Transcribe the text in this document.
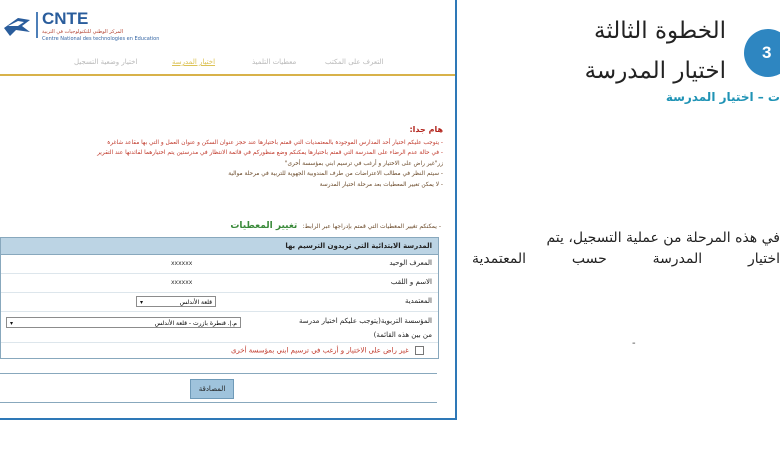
CNTE
المركز الوطني للتكنولوجيات في التربية
Centre National des technologies en Education
التعرف على المكتب
معطيات التلميذ
اختيار المدرسة
اختيار وضعية التسجيل
هام جدا:
- يتوجب عليكم اختيار أحد المدارس الموجودة بالمعتمديات التي قمتم باختيارها عند حجز عنوان السكن و عنوان العمل و التي بها مقاعد شاغرة
- في حالة عدم الرضاء على المدرسة التي قمتم باختيارها يمكنكم وضع منظوركم في قائمة الانتظار في مدرستين يتم اختيارهما لفائدتها عند التقرير
زر"غير راض على الاختيار و أرغب في ترسيم ابني بمؤسسة أخرى"
- سيتم النظر في مطالب الاعتراضات من طرف المندوبية الجهوية للتربية في مرحلة موالية
- لا يمكن تغيير المعطيات بعد مرحلة اختيار المدرسة
- يمكنكم تغيير المعطيات التي قمتم بإدراجها عبر الرابط: تغيير المعطيات
المدرسة الابتدائية التي تريدون الترسيم بها
المعرف الوحيد
xxxxxx
الاسم و اللقب
xxxxxx
المعتمدية
قلعة الأندلس
▾
المؤسسة التربوية(يتوجب عليكم اختيار مدرسة من بين هذه القائمة)
م.إ. قنطرة بازرت - قلعة الأندلس
▾
غير راض على الاختيار و أرغب في ترسيم ابني بمؤسسة أخرى
المصادقة
3
الخطوة الثالثة
اختيار المدرسة
ت – اختيار المدرسة
في هذه المرحلة من عملية التسجيل، يتم
اختيار المدرسة حسب المعتمدية
-
